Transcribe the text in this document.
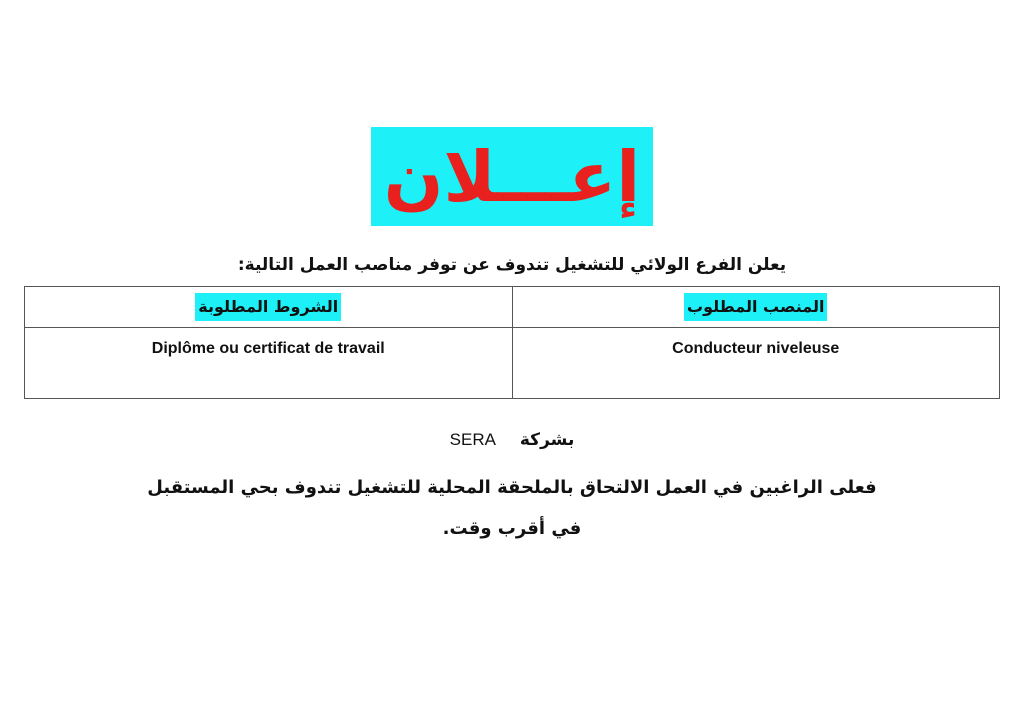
إعـــلان
يعلن الفرع الولائي للتشغيل تندوف عن توفر مناصب العمل التالية:
الشروط المطلوبة	المنصب المطلوب
Diplôme ou certificat de travail	Conducteur niveleuse
بشركة SERA
فعلى الراغبين في العمل الالتحاق بالملحقة المحلية للتشغيل تندوف بحي المستقبل
في أقرب وقت.
